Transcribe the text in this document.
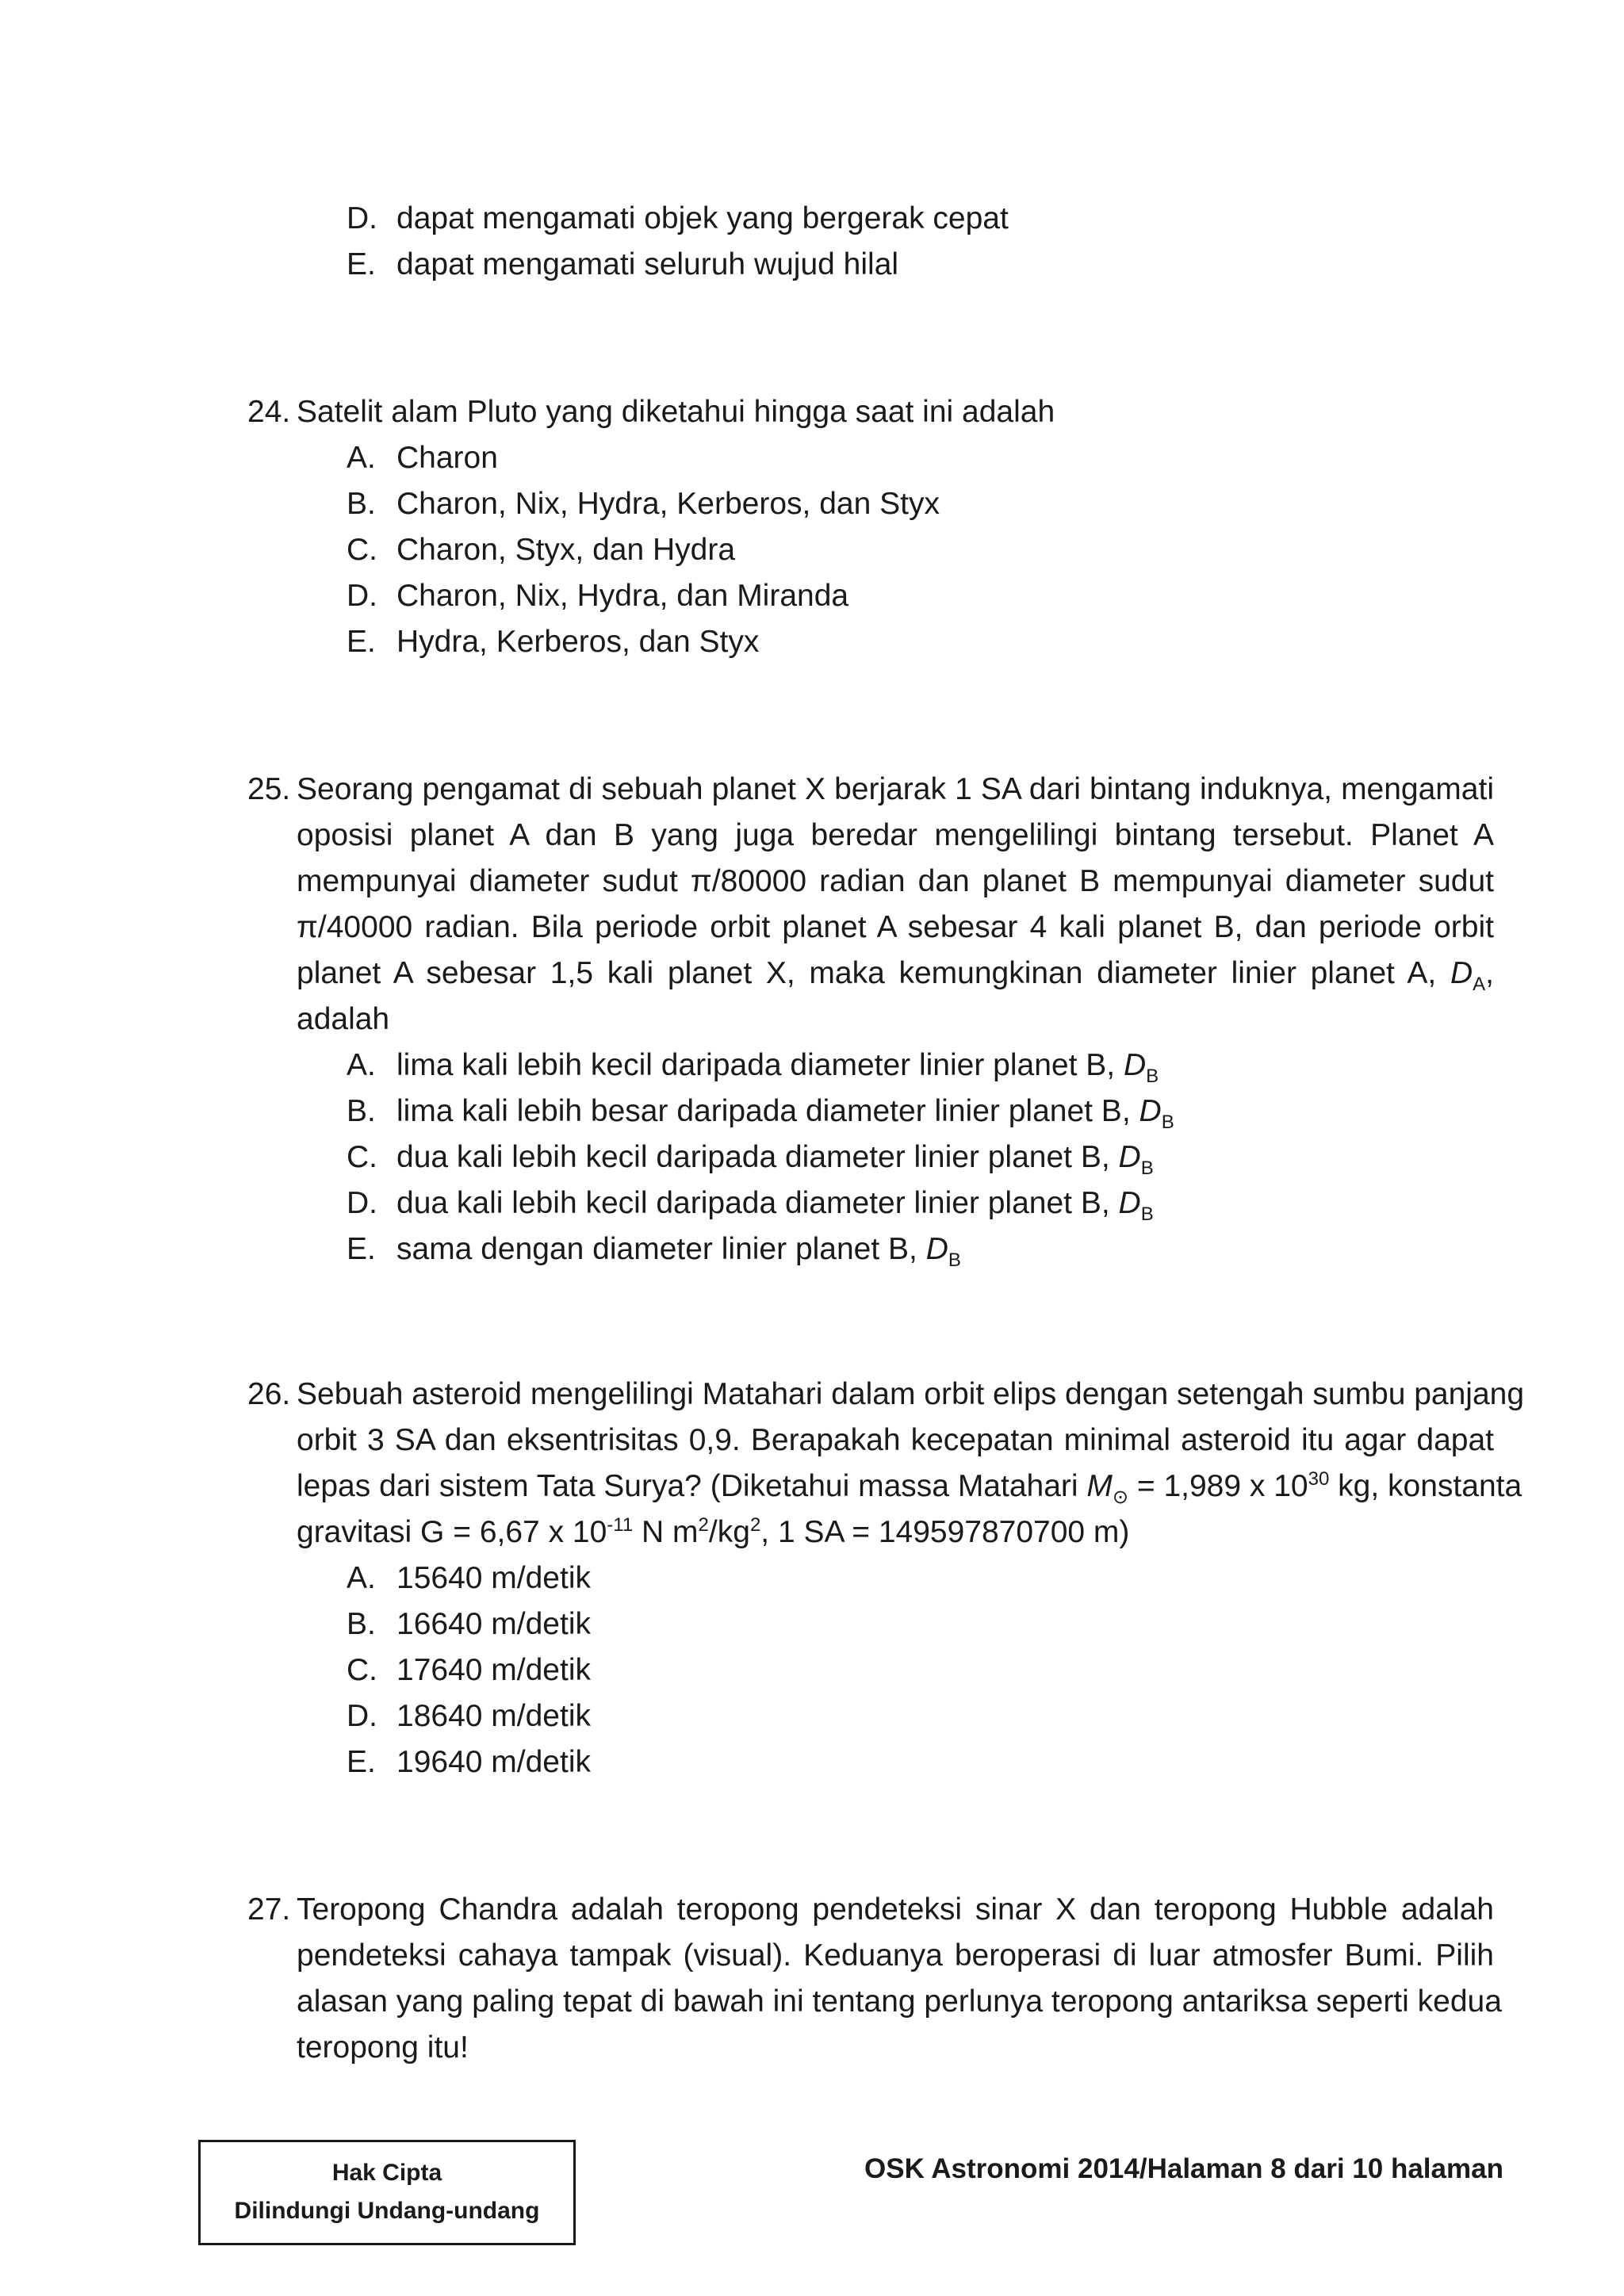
D. dapat mengamati objek yang bergerak cepat
E. dapat mengamati seluruh wujud hilal
24. Satelit alam Pluto yang diketahui hingga saat ini adalah
A. Charon
B. Charon, Nix, Hydra, Kerberos, dan Styx
C. Charon, Styx, dan Hydra
D. Charon, Nix, Hydra, dan Miranda
E. Hydra, Kerberos, dan Styx
25. Seorang pengamat di sebuah planet X berjarak 1 SA dari bintang induknya, mengamati
oposisi planet A dan B yang juga beredar mengelilingi bintang tersebut. Planet A
mempunyai diameter sudut π/80000 radian dan planet B mempunyai diameter sudut
π/40000 radian. Bila periode orbit planet A sebesar 4 kali planet B, dan periode orbit
planet A sebesar 1,5 kali planet X, maka kemungkinan diameter linier planet A, $D_A$,
adalah
A. lima kali lebih kecil daripada diameter linier planet B, $D_B$
B. lima kali lebih besar daripada diameter linier planet B, $D_B$
C. dua kali lebih kecil daripada diameter linier planet B, $D_B$
D. dua kali lebih kecil daripada diameter linier planet B, $D_B$
E. sama dengan diameter linier planet B, $D_B$
26. Sebuah asteroid mengelilingi Matahari dalam orbit elips dengan setengah sumbu panjang
orbit 3 SA dan eksentrisitas 0,9. Berapakah kecepatan minimal asteroid itu agar dapat
lepas dari sistem Tata Surya? (Diketahui massa Matahari $M_⊙ = 1,989$ x $10^{30}$ kg, konstanta
gravitasi G = 6,67 x $10^{-11}$ N $m^2/kg^2$, 1 SA = 149597870700 m)
A. 15640 m/detik
B. 16640 m/detik
C. 17640 m/detik
D. 18640 m/detik
E. 19640 m/detik
27. Teropong Chandra adalah teropong pendeteksi sinar X dan teropong Hubble adalah
pendeteksi cahaya tampak (visual). Keduanya beroperasi di luar atmosfer Bumi. Pilih
alasan yang paling tepat di bawah ini tentang perlunya teropong antariksa seperti kedua
teropong itu!
Hak Cipta
Dilindungi Undang-undang
OSK Astronomi 2014/Halaman 8 dari 10 halaman
